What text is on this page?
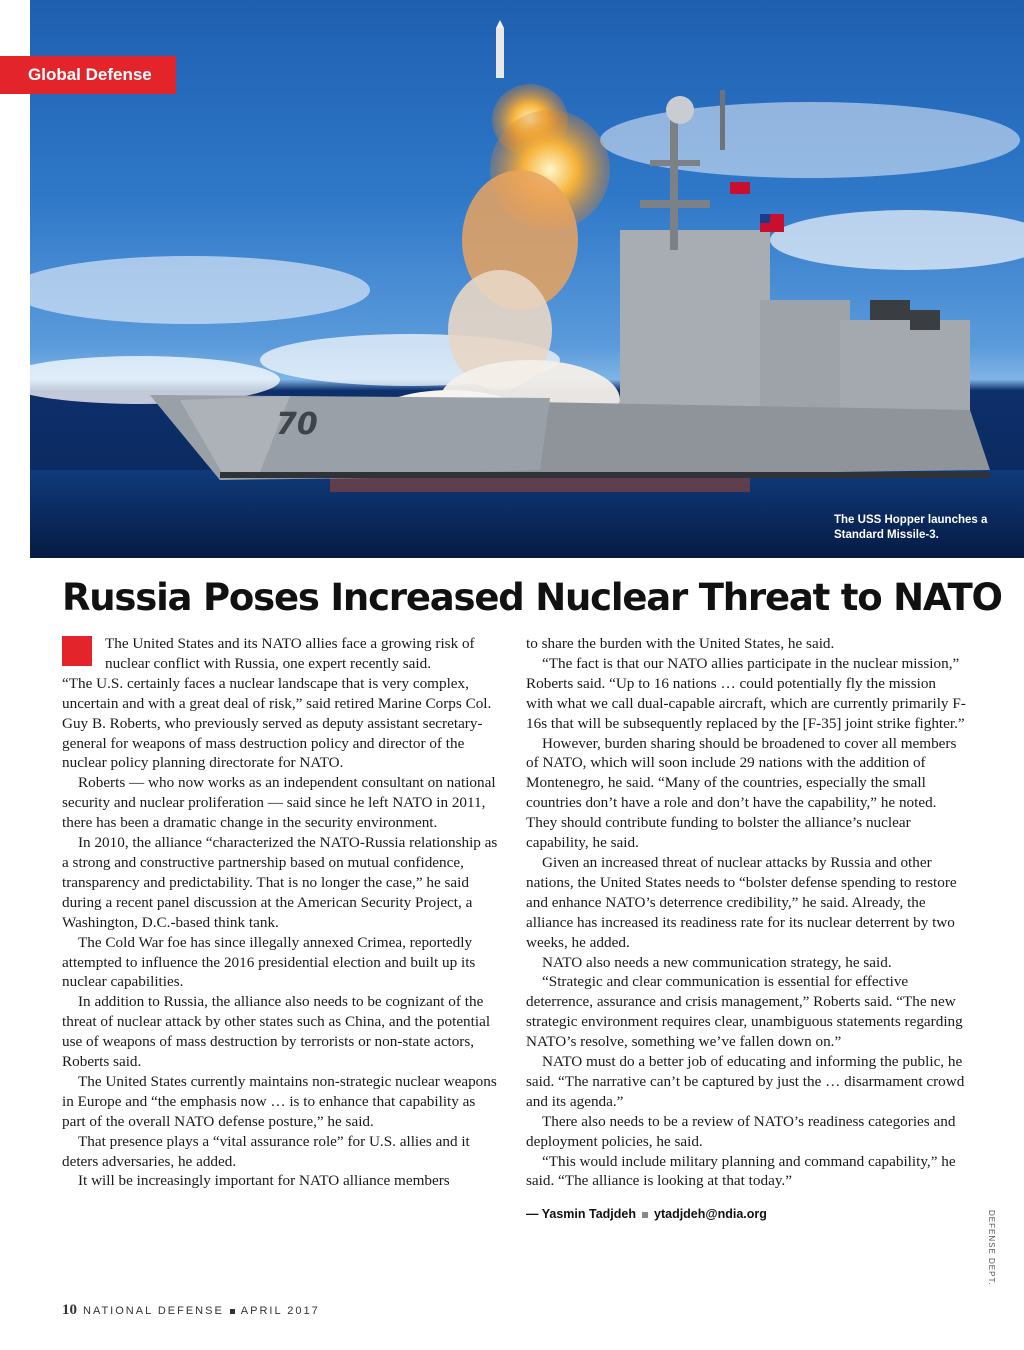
70
Global Defense
The USS Hopper launches a Standard Missile-3.
Russia Poses Increased Nuclear Threat to NATO

The United States and its NATO allies face a growing risk of nuclear conflict with Russia, one expert recently said.

“The U.S. certainly faces a nuclear landscape that is very complex, uncertain and with a great deal of risk,” said retired Marine Corps Col. Guy B. Roberts, who previously served as deputy assistant secretary-general for weapons of mass destruction policy and director of the nuclear policy planning directorate for NATO.

Roberts — who now works as an independent consultant on national security and nuclear proliferation — said since he left NATO in 2011, there has been a dramatic change in the security environment.

In 2010, the alliance “characterized the NATO-Russia relationship as a strong and constructive partnership based on mutual confidence, transparency and predictability. That is no longer the case,” he said during a recent panel discussion at the American Security Project, a Washington, D.C.-based think tank.

The Cold War foe has since illegally annexed Crimea, reportedly attempted to influence the 2016 presidential election and built up its nuclear capabilities.

In addition to Russia, the alliance also needs to be cognizant of the threat of nuclear attack by other states such as China, and the potential use of weapons of mass destruction by terrorists or non-state actors, Roberts said.

The United States currently maintains non-strategic nuclear weapons in Europe and “the emphasis now … is to enhance that capability as part of the overall NATO defense posture,” he said.

That presence plays a “vital assurance role” for U.S. allies and it deters adversaries, he added.

It will be increasingly important for NATO alliance members

to share the burden with the United States, he said.

“The fact is that our NATO allies participate in the nuclear mission,” Roberts said. “Up to 16 nations … could potentially fly the mission with what we call dual-capable aircraft, which are currently primarily F-16s that will be subsequently replaced by the [F-35] joint strike fighter.”

However, burden sharing should be broadened to cover all members of NATO, which will soon include 29 nations with the addition of Montenegro, he said. “Many of the countries, especially the small countries don’t have a role and don’t have the capability,” he noted. They should contribute funding to bolster the alliance’s nuclear capability, he said.

Given an increased threat of nuclear attacks by Russia and other nations, the United States needs to “bolster defense spending to restore and enhance NATO’s deterrence credibility,” he said. Already, the alliance has increased its readiness rate for its nuclear deterrent by two weeks, he added.

NATO also needs a new communication strategy, he said.

“Strategic and clear communication is essential for effective deterrence, assurance and crisis management,” Roberts said. “The new strategic environment requires clear, unambiguous statements regarding NATO’s resolve, something we’ve fallen down on.”

NATO must do a better job of educating and informing the public, he said. “The narrative can’t be captured by just the … disarmament crowd and its agenda.”

There also needs to be a review of NATO’s readiness categories and deployment policies, he said.

“This would include military planning and command capability,” he said. “The alliance is looking at that today.”

— Yasmin Tadjdeh ytadjdeh@ndia.org	DEFENSE DEPT.
10 NATIONAL DEFENSE APRIL 2017
